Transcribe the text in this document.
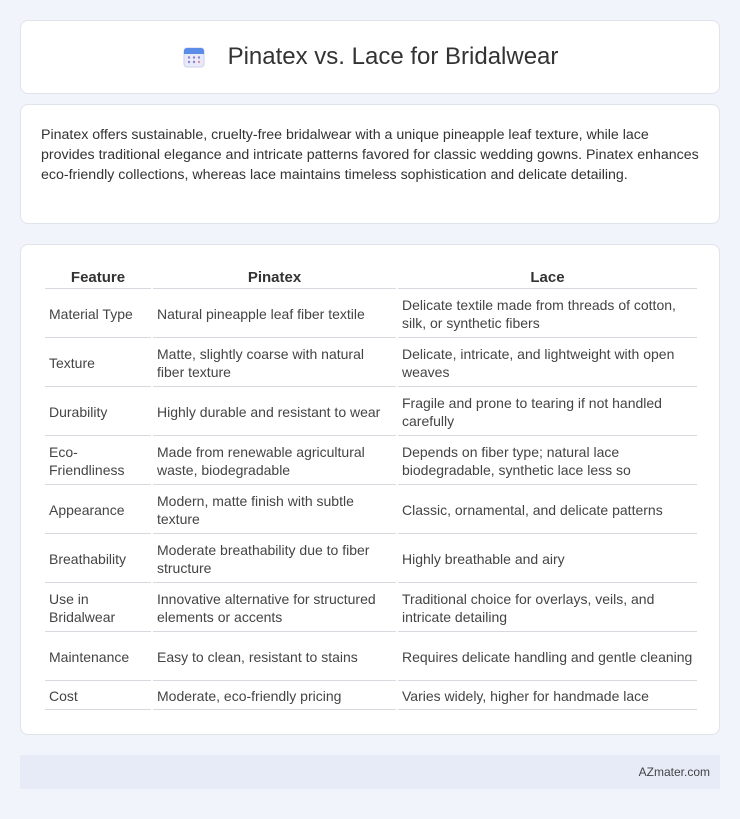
Pinatex vs. Lace for Bridalwear

Pinatex offers sustainable, cruelty-free bridalwear with a unique pineapple leaf texture, while lace provides traditional elegance and intricate patterns favored for classic wedding gowns. Pinatex enhances eco-friendly collections, whereas lace maintains timeless sophistication and delicate detailing.

Feature	Pinatex	Lace
Material Type	Natural pineapple leaf fiber textile	Delicate textile made from threads of cotton, silk, or synthetic fibers
Texture	Matte, slightly coarse with natural fiber texture	Delicate, intricate, and lightweight with open weaves
Durability	Highly durable and resistant to wear	Fragile and prone to tearing if not handled carefully
Eco-Friendliness	Made from renewable agricultural waste, biodegradable	Depends on fiber type; natural lace biodegradable, synthetic lace less so
Appearance	Modern, matte finish with subtle texture	Classic, ornamental, and delicate patterns
Breathability	Moderate breathability due to fiber structure	Highly breathable and airy
Use in Bridalwear	Innovative alternative for structured elements or accents	Traditional choice for overlays, veils, and intricate detailing
Maintenance	Easy to clean, resistant to stains	Requires delicate handling and gentle cleaning
Cost	Moderate, eco-friendly pricing	Varies widely, higher for handmade lace
AZmater.com
